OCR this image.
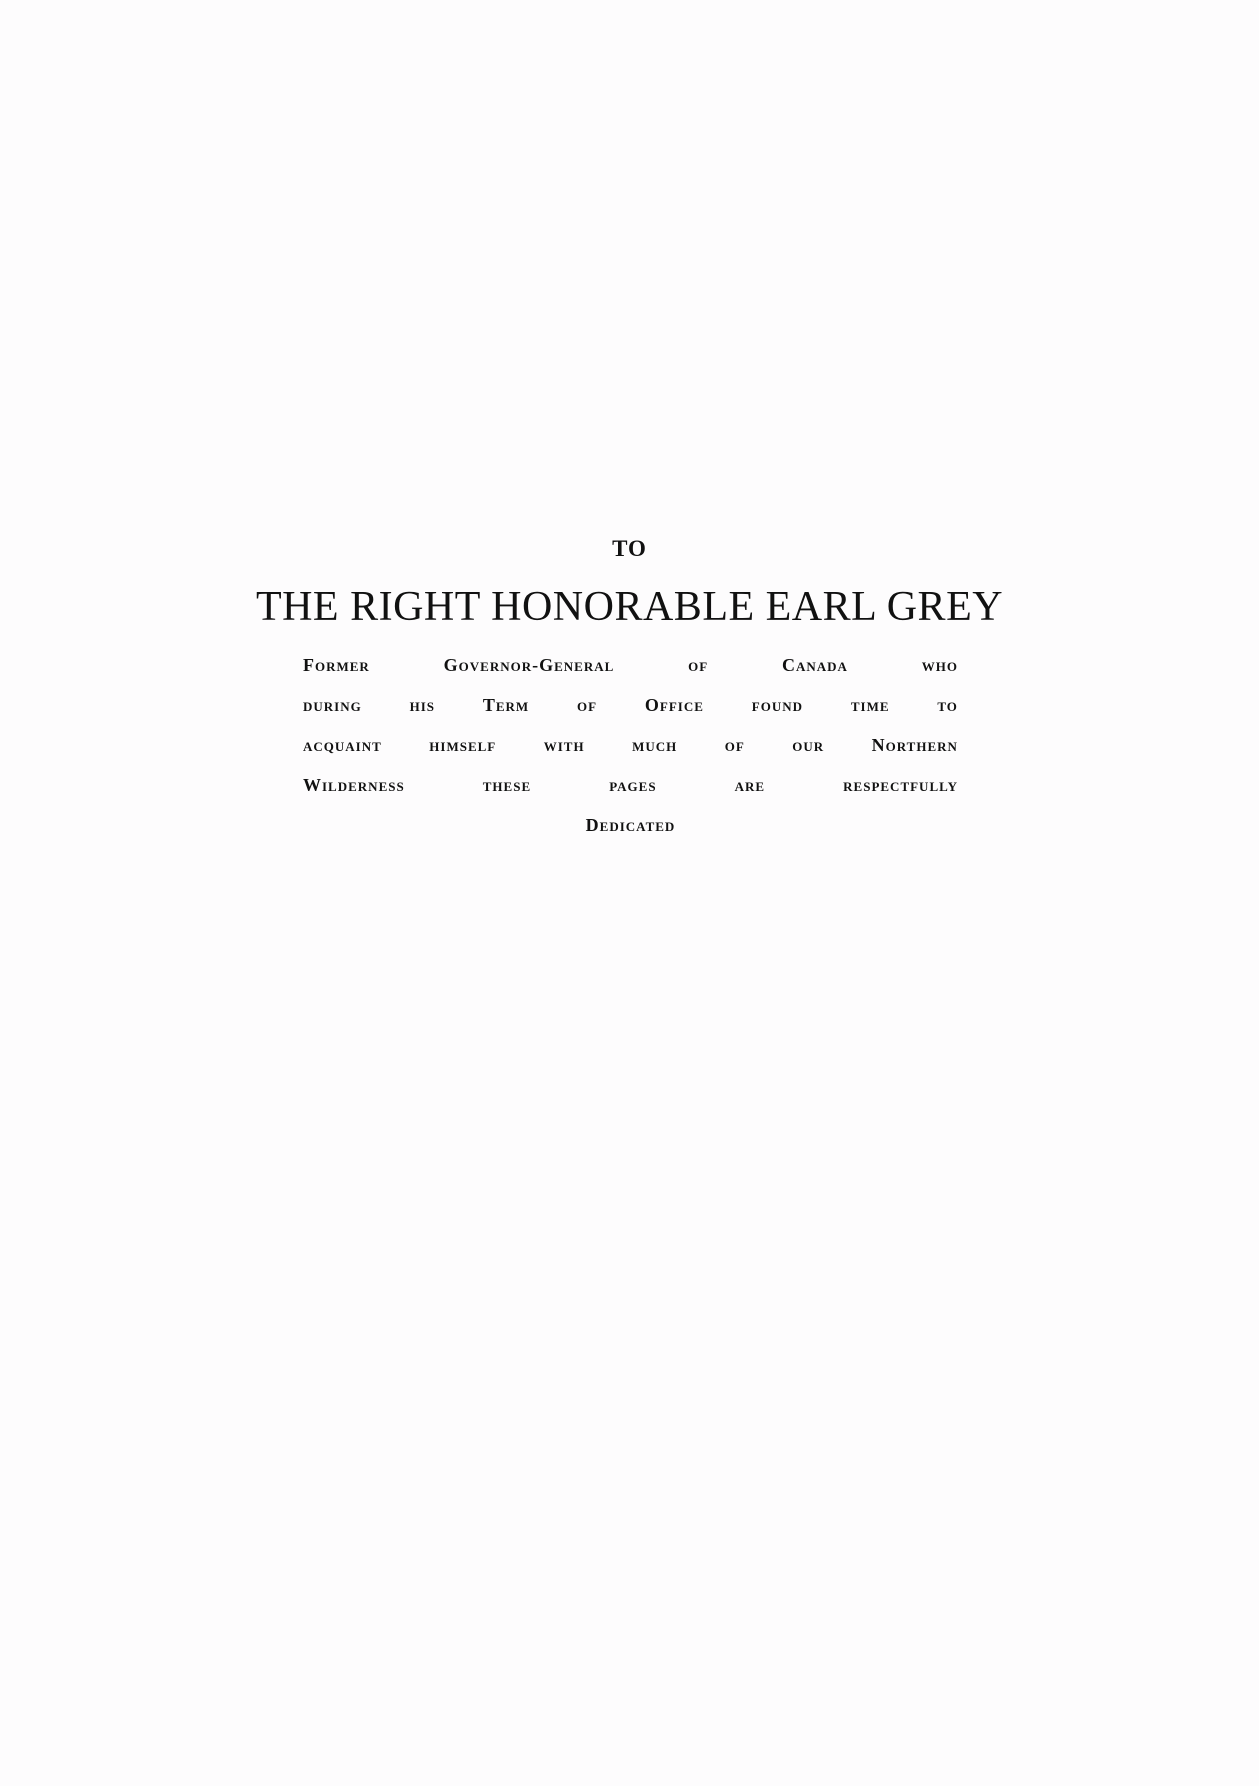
TO
THE RIGHT HONORABLE EARL GREY
Former	Governor-General	of	Canada	who
during	his	Term	of	Office	found	time	to
acquaint	himself	with	much	of	our	Northern
Wilderness	these	pages	are	respectfully
Dedicated
